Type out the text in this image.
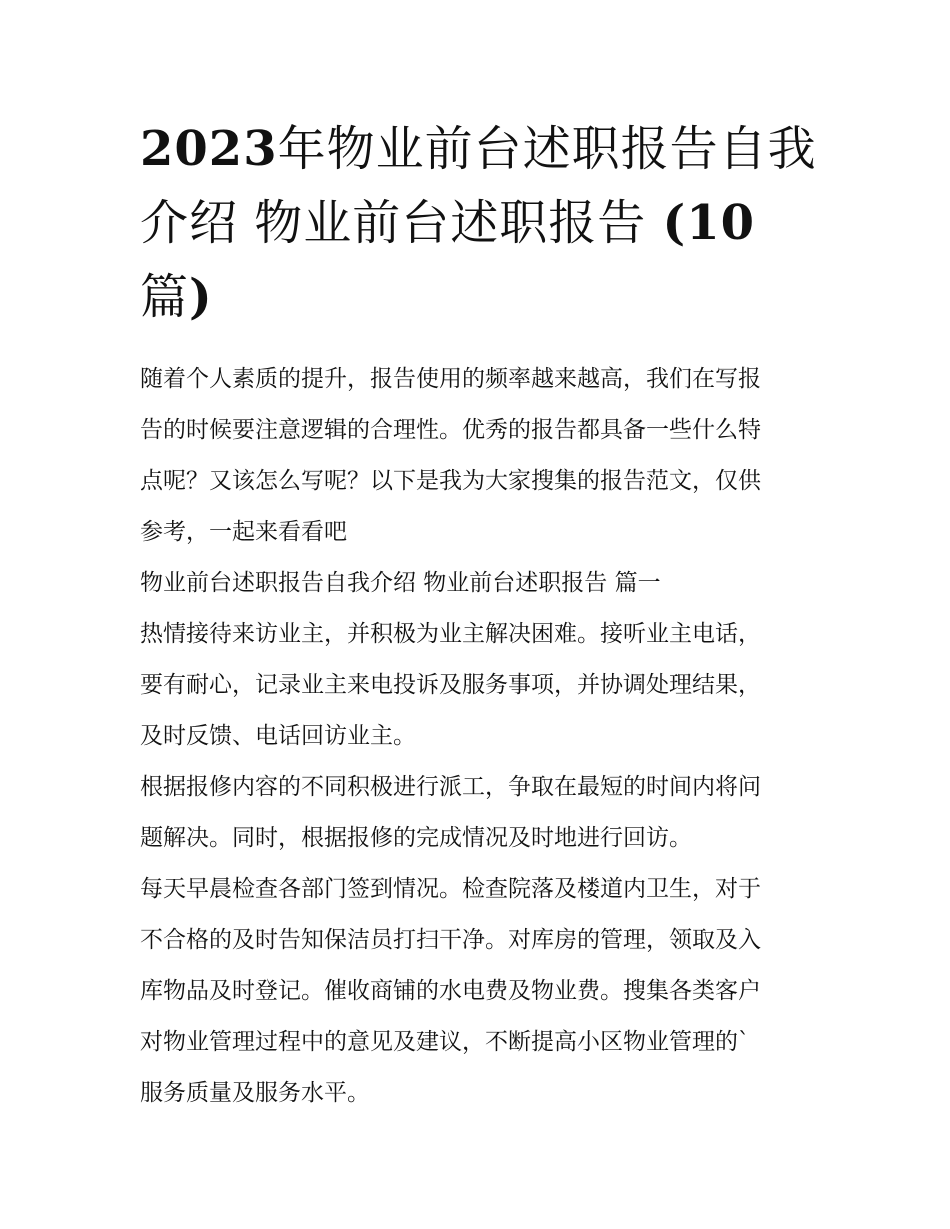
2023年物业前台述职报告自我
介绍 物业前台述职报告 (10
篇)

随着个人素质的提升，报告使用的频率越来越高，我们在写报
告的时候要注意逻辑的合理性。优秀的报告都具备一些什么特
点呢？又该怎么写呢？以下是我为大家搜集的报告范文，仅供
参考，一起来看看吧

物业前台述职报告自我介绍 物业前台述职报告 篇一

热情接待来访业主，并积极为业主解决困难。接听业主电话，
要有耐心，记录业主来电投诉及服务事项，并协调处理结果，
及时反馈、电话回访业主。

根据报修内容的不同积极进行派工，争取在最短的时间内将问
题解决。同时，根据报修的完成情况及时地进行回访。

每天早晨检查各部门签到情况。检查院落及楼道内卫生，对于
不合格的及时告知保洁员打扫干净。对库房的管理，领取及入
库物品及时登记。催收商铺的水电费及物业费。搜集各类客户
对物业管理过程中的意见及建议，不断提高小区物业管理的`
服务质量及服务水平。
